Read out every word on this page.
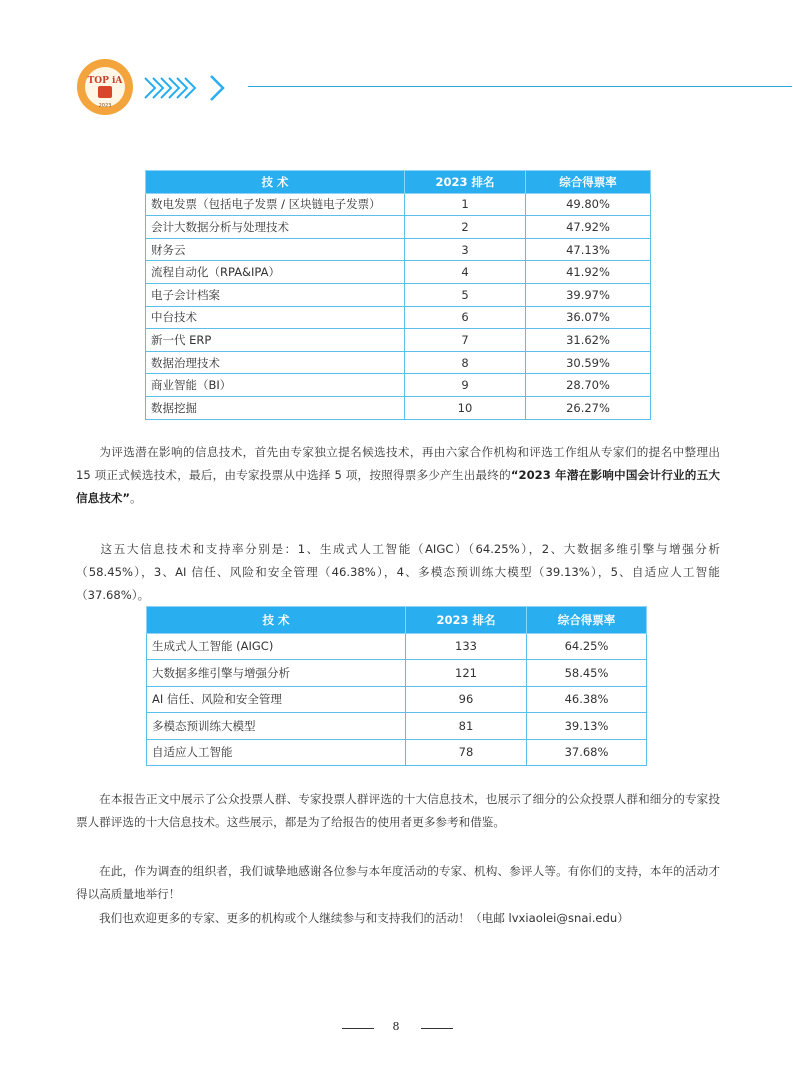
TOP iA
2023
技 术	2023 排名	综合得票率
数电发票（包括电子发票 / 区块链电子发票）	1	49.80%
会计大数据分析与处理技术	2	47.92%
财务云	3	47.13%
流程自动化（RPA&IPA）	4	41.92%
电子会计档案	5	39.97%
中台技术	6	36.07%
新一代 ERP	7	31.62%
数据治理技术	8	30.59%
商业智能（BI）	9	28.70%
数据挖掘	10	26.27%
为评选潜在影响的信息技术，首先由专家独立提名候选技术，再由六家合作机构和评选工作组从专家们的提名中整理出 15 项正式候选技术，最后，由专家投票从中选择 5 项，按照得票多少产生出最终的“2023 年潜在影响中国会计行业的五大信息技术”。
这五大信息技术和支持率分别是：1、生成式人工智能（AIGC）（64.25%），2、大数据多维引擎与增强分析（58.45%），3、AI 信任、风险和安全管理（46.38%），4、多模态预训练大模型（39.13%），5、自适应人工智能（37.68%）。
技 术	2023 排名	综合得票率
生成式人工智能 (AIGC)	133	64.25%
大数据多维引擎与增强分析	121	58.45%
AI 信任、风险和安全管理	96	46.38%
多模态预训练大模型	81	39.13%
自适应人工智能	78	37.68%
在本报告正文中展示了公众投票人群、专家投票人群评选的十大信息技术，也展示了细分的公众投票人群和细分的专家投票人群评选的十大信息技术。这些展示，都是为了给报告的使用者更多参考和借鉴。
在此，作为调查的组织者，我们诚挚地感谢各位参与本年度活动的专家、机构、参评人等。有你们的支持，本年的活动才得以高质量地举行！
我们也欢迎更多的专家、更多的机构或个人继续参与和支持我们的活动！（电邮 lvxiaolei@snai.edu）
8
